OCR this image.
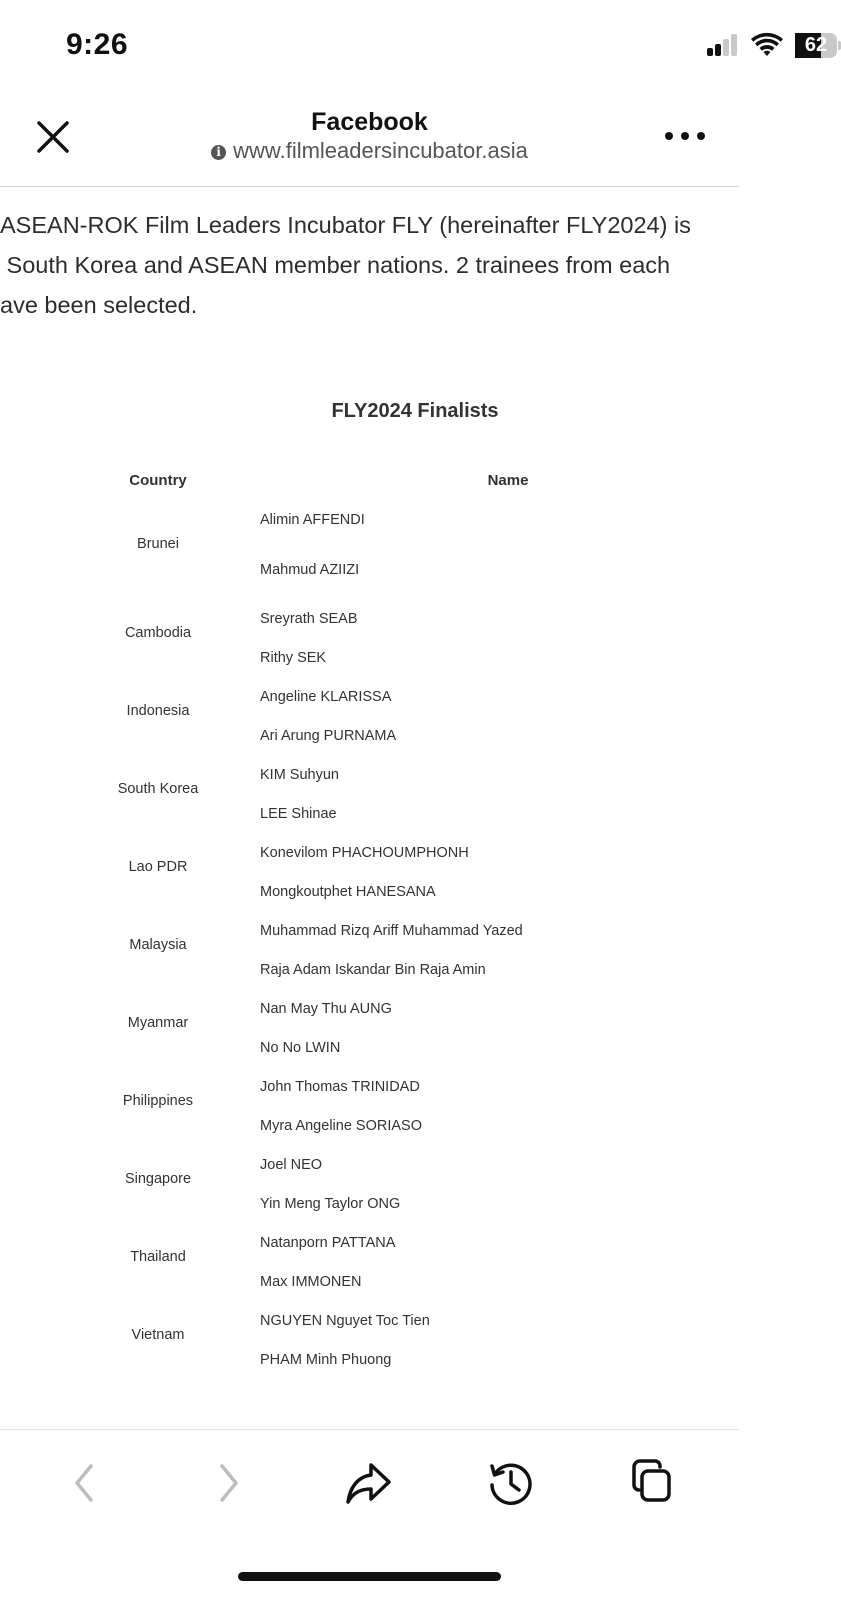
9:26	62
Facebook
i www.filmleadersincubator.asia
ASEAN-ROK Film Leaders Incubator FLY (hereinafter FLY2024) is
South Korea and ASEAN member nations. 2 trainees from each
ave been selected.
FLY2024 Finalists
Country	Name
Brunei
Alimin AFFENDI
Mahmud AZIIZI
Cambodia
Sreyrath SEAB
Rithy SEK
Indonesia
Angeline KLARISSA
Ari Arung PURNAMA
South Korea
KIM Suhyun
LEE Shinae
Lao PDR
Konevilom PHACHOUMPHONH
Mongkoutphet HANESANA
Malaysia
Muhammad Rizq Ariff Muhammad Yazed
Raja Adam Iskandar Bin Raja Amin
Myanmar
Nan May Thu AUNG
No No LWIN
Philippines
John Thomas TRINIDAD
Myra Angeline SORIASO
Singapore
Joel NEO
Yin Meng Taylor ONG
Thailand
Natanporn PATTANA
Max IMMONEN
Vietnam
NGUYEN Nguyet Toc Tien
PHAM Minh Phuong
